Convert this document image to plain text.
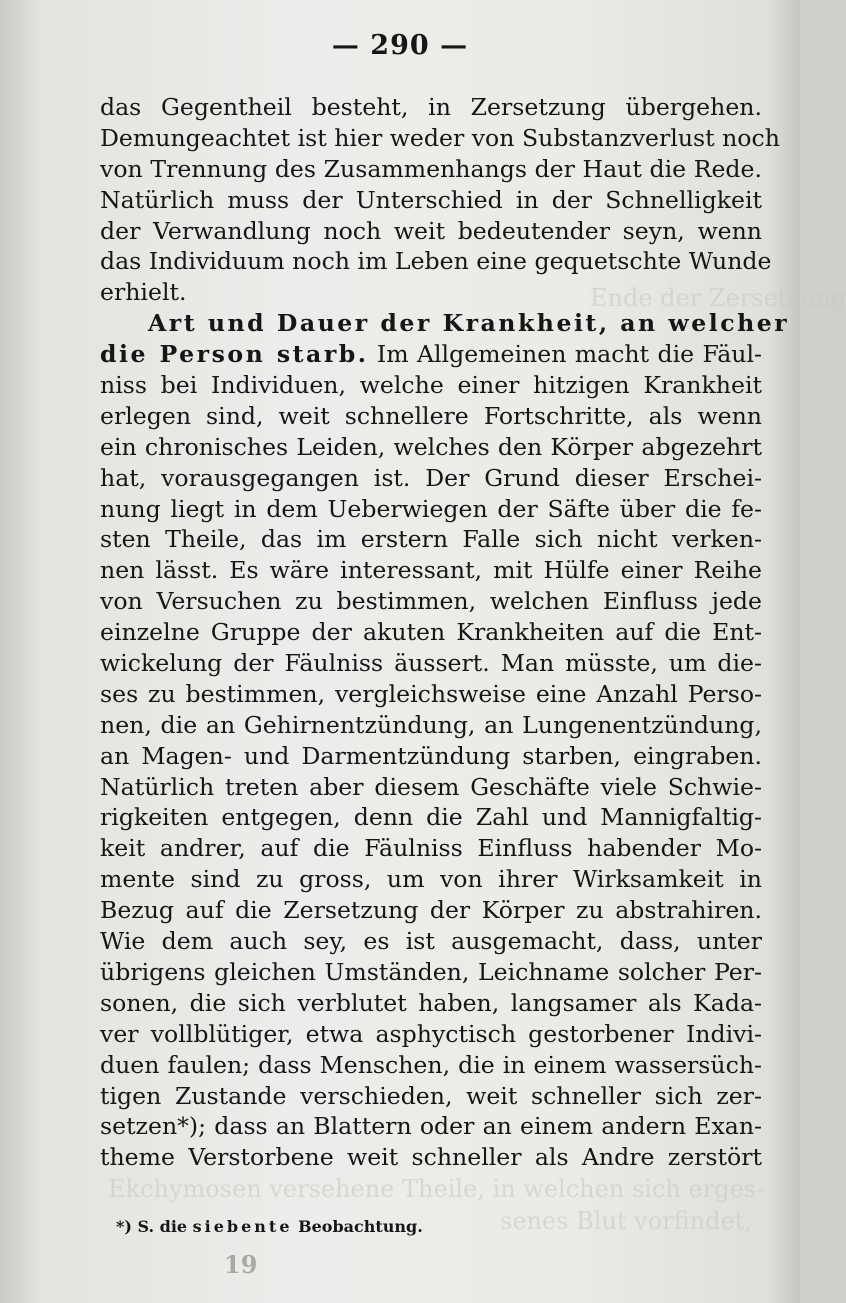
Ende der Zersetzung
Ekchymosen versehene Theile, in welchen sich erges-
senes Blut vorfindet,
— 290 —
das Gegentheil besteht, in Zersetzung übergehen.
Demungeachtet ist hier weder von Substanzverlust noch
von Trennung des Zusammenhangs der Haut die Rede.
Natürlich muss der Unterschied in der Schnelligkeit
der Verwandlung noch weit bedeutender seyn, wenn
das Individuum noch im Leben eine gequetschte Wunde
erhielt.
Art und Dauer der Krankheit, an welcher
die Person starb. Im Allgemeinen macht die Fäul-
niss bei Individuen, welche einer hitzigen Krankheit
erlegen sind, weit schnellere Fortschritte, als wenn
ein chronisches Leiden, welches den Körper abgezehrt
hat, vorausgegangen ist. Der Grund dieser Erschei-
nung liegt in dem Ueberwiegen der Säfte über die fe-
sten Theile, das im erstern Falle sich nicht verken-
nen lässt. Es wäre interessant, mit Hülfe einer Reihe
von Versuchen zu bestimmen, welchen Einfluss jede
einzelne Gruppe der akuten Krankheiten auf die Ent-
wickelung der Fäulniss äussert. Man müsste, um die-
ses zu bestimmen, vergleichsweise eine Anzahl Perso-
nen, die an Gehirnentzündung, an Lungenentzündung,
an Magen- und Darmentzündung starben, eingraben.
Natürlich treten aber diesem Geschäfte viele Schwie-
rigkeiten entgegen, denn die Zahl und Mannigfaltig-
keit andrer, auf die Fäulniss Einfluss habender Mo-
mente sind zu gross, um von ihrer Wirksamkeit in
Bezug auf die Zersetzung der Körper zu abstrahiren.
Wie dem auch sey, es ist ausgemacht, dass, unter
übrigens gleichen Umständen, Leichname solcher Per-
sonen, die sich verblutet haben, langsamer als Kada-
ver vollblütiger, etwa asphyctisch gestorbener Indivi-
duen faulen; dass Menschen, die in einem wassersüch-
tigen Zustande verschieden, weit schneller sich zer-
setzen*); dass an Blattern oder an einem andern Exan-
theme Verstorbene weit schneller als Andre zerstört
*) S. die siebente Beobachtung.
19
